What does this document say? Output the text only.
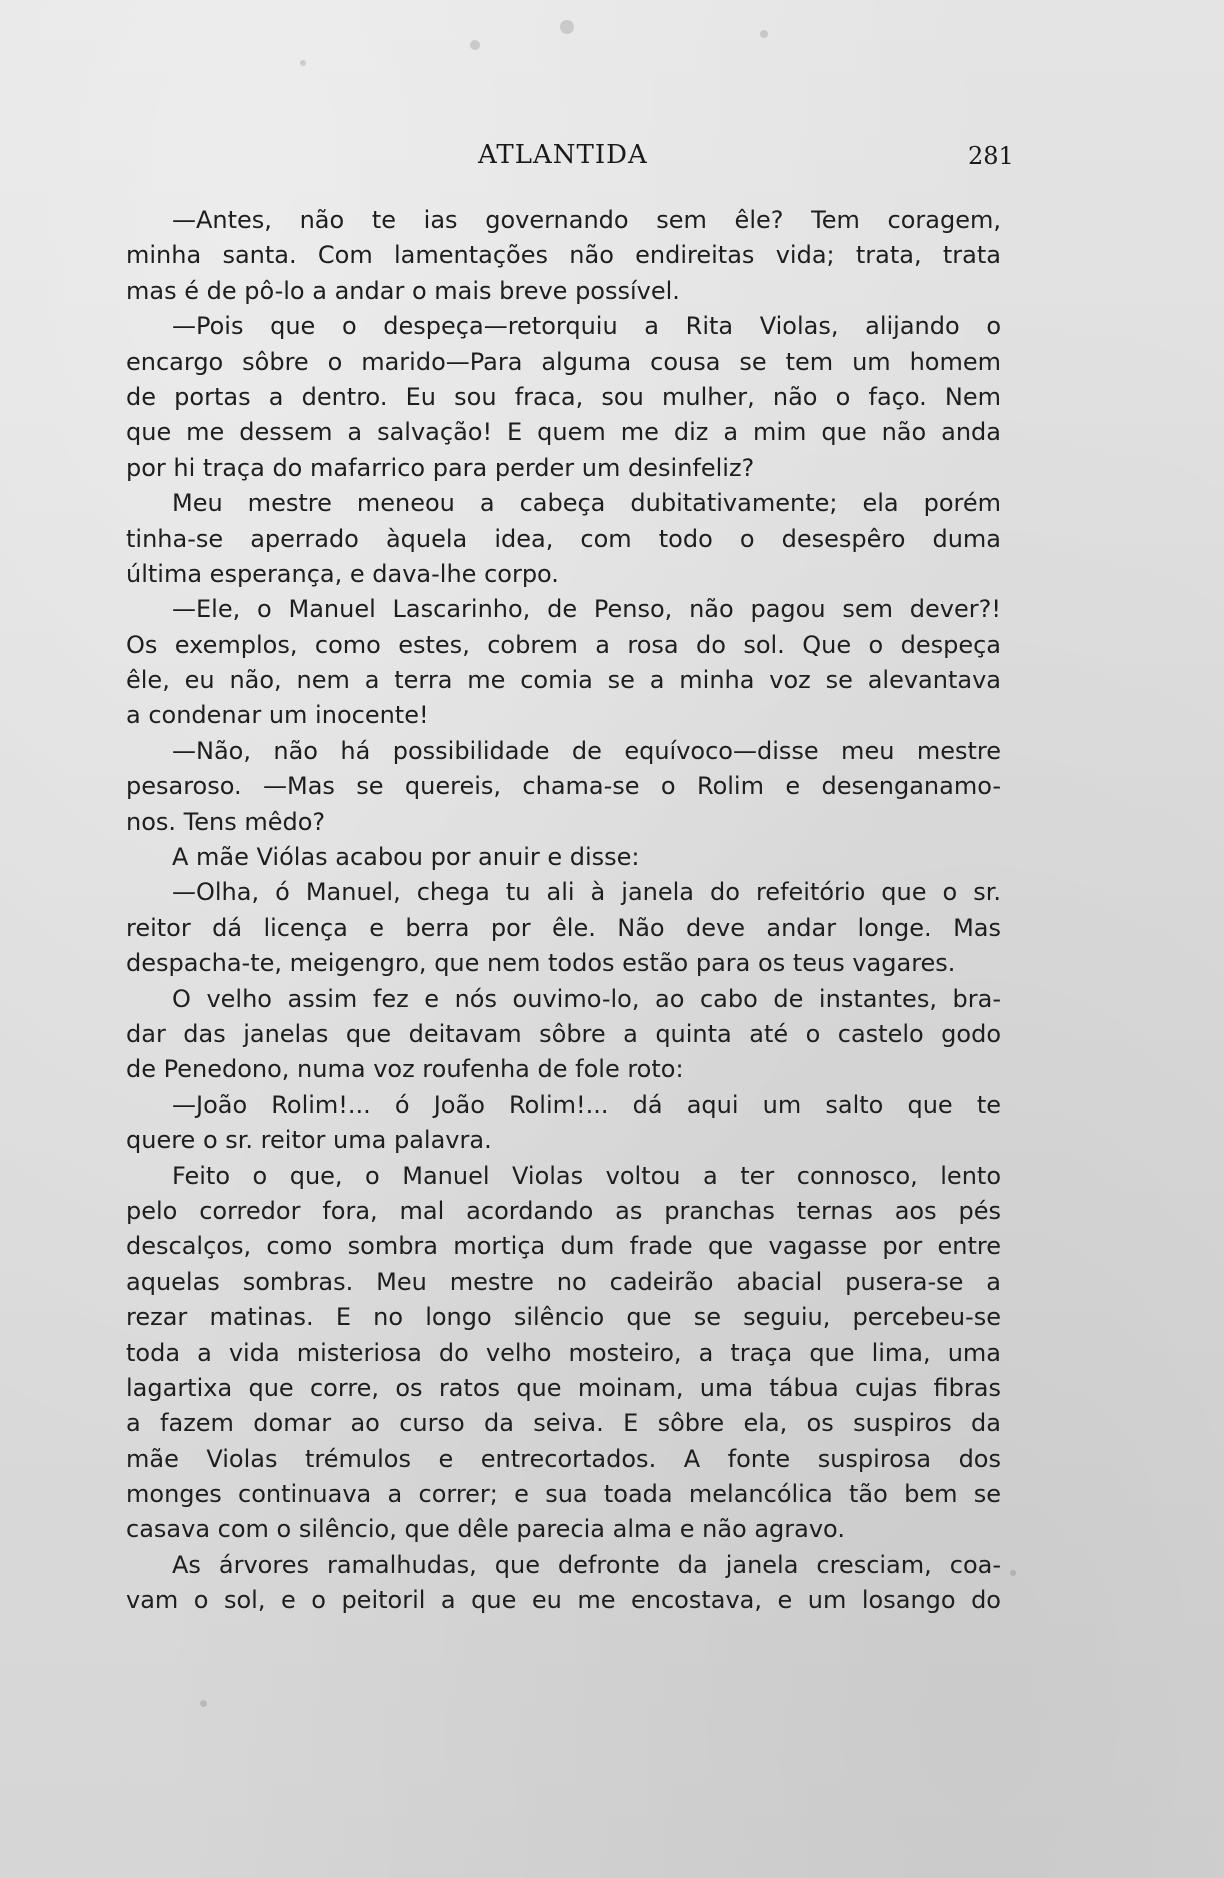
ATLANTIDA	281
—Antes, não te ias governando sem êle? Tem coragem,
minha santa. Com lamentações não endireitas vida; trata, trata
mas é de pô-lo a andar o mais breve possível.
—Pois que o despeça—retorquiu a Rita Violas, alijando o
encargo sôbre o marido—Para alguma cousa se tem um homem
de portas a dentro. Eu sou fraca, sou mulher, não o faço. Nem
que me dessem a salvação! E quem me diz a mim que não anda
por hi traça do mafarrico para perder um desinfeliz?
Meu mestre meneou a cabeça dubitativamente; ela porém
tinha-se aperrado àquela idea, com todo o desespêro duma
última esperança, e dava-lhe corpo.
—Ele, o Manuel Lascarinho, de Penso, não pagou sem dever?!
Os exemplos, como estes, cobrem a rosa do sol. Que o despeça
êle, eu não, nem a terra me comia se a minha voz se alevantava
a condenar um inocente!
—Não, não há possibilidade de equívoco—disse meu mestre
pesaroso. —Mas se quereis, chama-se o Rolim e desenganamo-
nos. Tens mêdo?
A mãe Viólas acabou por anuir e disse:
—Olha, ó Manuel, chega tu ali à janela do refeitório que o sr.
reitor dá licença e berra por êle. Não deve andar longe. Mas
despacha-te, meigengro, que nem todos estão para os teus vagares.
O velho assim fez e nós ouvimo-lo, ao cabo de instantes, bra-
dar das janelas que deitavam sôbre a quinta até o castelo godo
de Penedono, numa voz roufenha de fole roto:
—João Rolim!... ó João Rolim!... dá aqui um salto que te
quere o sr. reitor uma palavra.
Feito o que, o Manuel Violas voltou a ter connosco, lento
pelo corredor fora, mal acordando as pranchas ternas aos pés
descalços, como sombra mortiça dum frade que vagasse por entre
aquelas sombras. Meu mestre no cadeirão abacial pusera-se a
rezar matinas. E no longo silêncio que se seguiu, percebeu-se
toda a vida misteriosa do velho mosteiro, a traça que lima, uma
lagartixa que corre, os ratos que moinam, uma tábua cujas fibras
a fazem domar ao curso da seiva. E sôbre ela, os suspiros da
mãe Violas trémulos e entrecortados. A fonte suspirosa dos
monges continuava a correr; e sua toada melancólica tão bem se
casava com o silêncio, que dêle parecia alma e não agravo.
As árvores ramalhudas, que defronte da janela cresciam, coa-
vam o sol, e o peitoril a que eu me encostava, e um losango do
